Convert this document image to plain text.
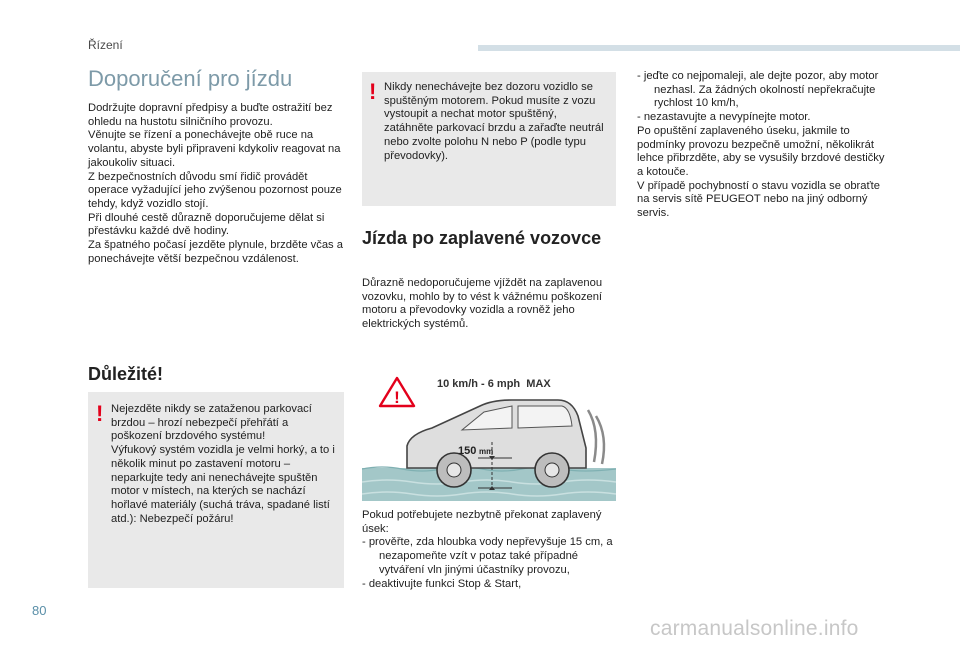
Řízení
Doporučení pro jízdu

Dodržujte dopravní předpisy a buďte ostražití bez ohledu na hustotu silničního provozu.

Věnujte se řízení a ponechávejte obě ruce na volantu, abyste byli připraveni kdykoliv reagovat na jakoukoliv situaci.

Z bezpečnostních důvodu smí řidič provádět operace vyžadující jeho zvýšenou pozornost pouze tehdy, když vozidlo stojí.

Při dlouhé cestě důrazně doporučujeme dělat si přestávku každé dvě hodiny.

Za špatného počasí jezděte plynule, brzděte včas a ponechávejte větší bezpečnou vzdálenost.

Důležité!
! Nejezděte nikdy se zataženou parkovací brzdou – hrozí nebezpečí přehřátí a poškození brzdového systému!

Výfukový systém vozidla je velmi horký, a to i několik minut po zastavení motoru – neparkujte tedy ani nenechávejte spuštěn motor v místech, na kterých se nachází hořlavé materiály (suchá tráva, spadané listí atd.): Nebezpečí požáru!

! Nikdy nenechávejte bez dozoru vozidlo se spuštěným motorem. Pokud musíte z vozu vystoupit a nechat motor spuštěný, zatáhněte parkovací brzdu a zařaďte neutrál nebo zvolte polohu N nebo P (podle typu převodovky).
Jízda po zaplavené vozovce
Důrazně nedoporučujeme vjíždět na zaplavenou vozovku, mohlo by to vést k vážnému poškození motoru a převodovky vozidla a rovněž jeho elektrických systémů.
!
10 km/h - 6 mph  MAX
150 mm

Pokud potřebujete nezbytně překonat zaplavený úsek:

- prověřte, zda hloubka vody nepřevyšuje 15 cm, a nezapomeňte vzít v potaz také případné vytváření vln jinými účastníky provozu,

- deaktivujte funkci Stop & Start,

- jeďte co nejpomaleji, ale dejte pozor, aby motor nezhasl. Za žádných okolností nepřekračujte rychlost 10 km/h,

- nezastavujte a nevypínejte motor.

Po opuštění zaplaveného úseku, jakmile to podmínky provozu bezpečně umožní, několikrát lehce přibrzděte, aby se vysušily brzdové destičky a kotouče.

V případě pochybností o stavu vozidla se obraťte na servis sítě PEUGEOT nebo na jiný odborný servis.

80
carmanualsonline.info
